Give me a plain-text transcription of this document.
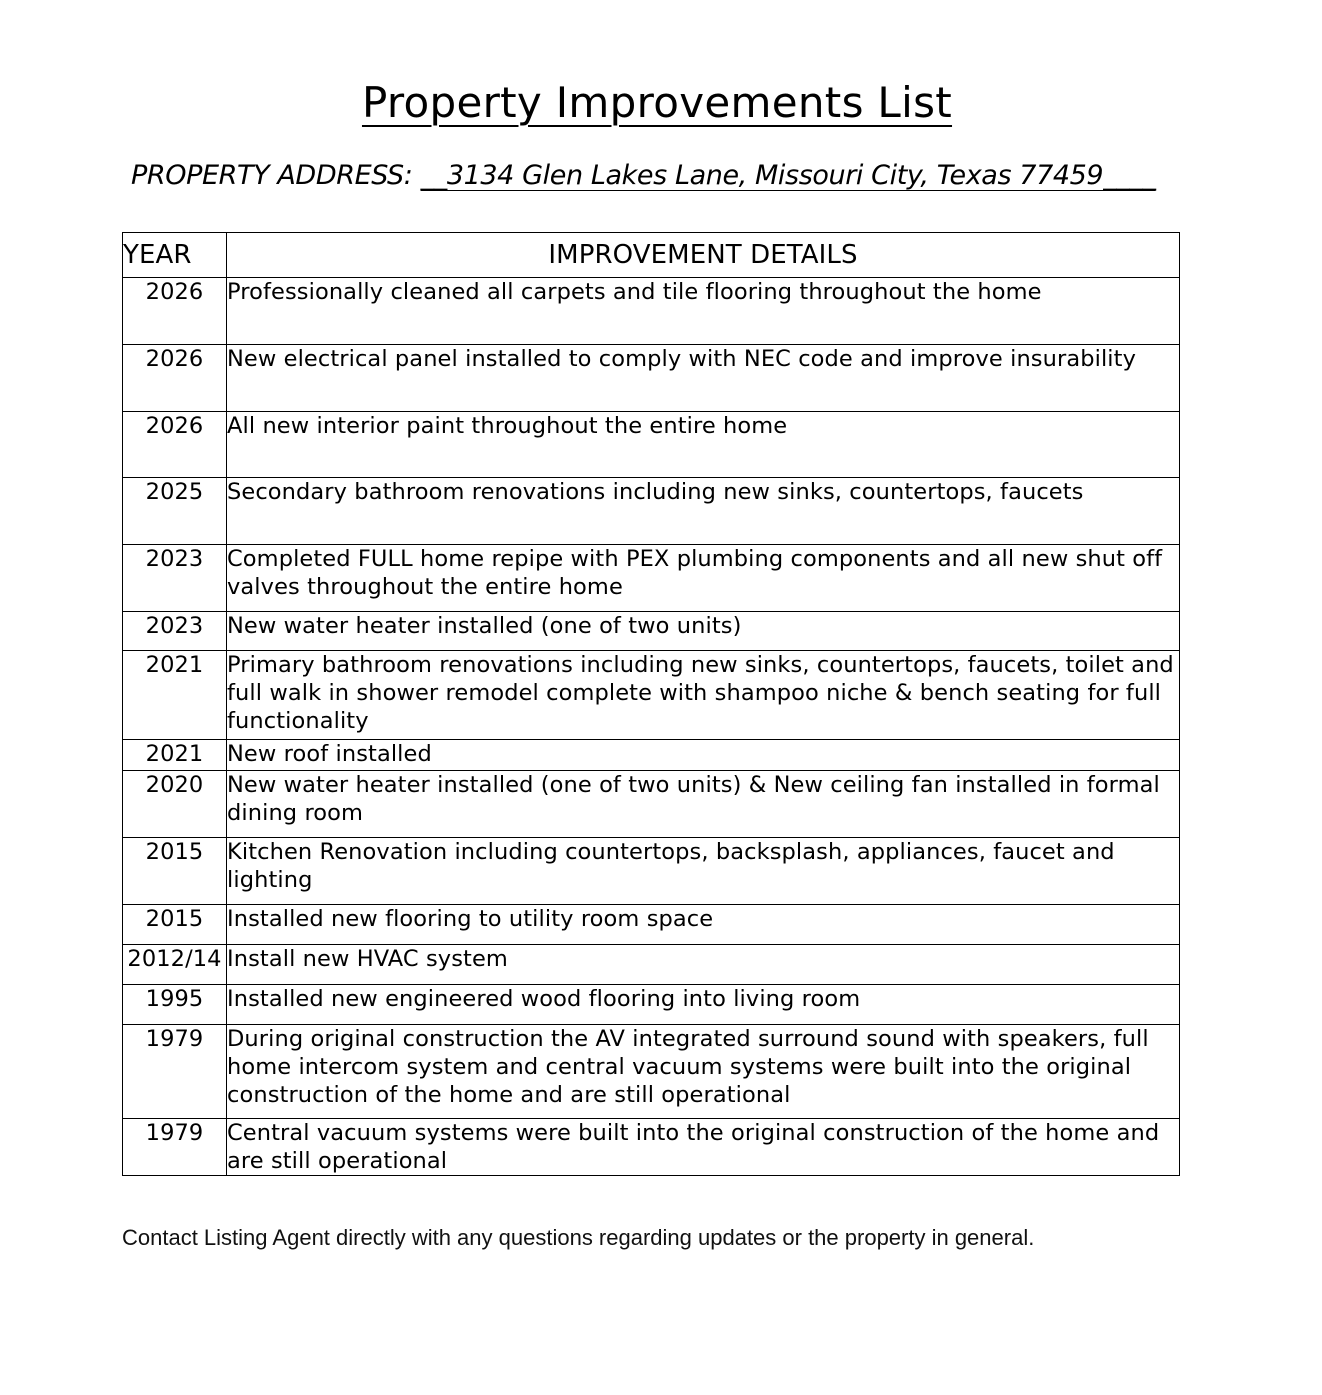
Property Improvements List
PROPERTY ADDRESS: __3134 Glen Lakes Lane, Missouri City, Texas 77459____
YEAR	IMPROVEMENT DETAILS
2026	Professionally cleaned all carpets and tile flooring throughout the home
2026	New electrical panel installed to comply with NEC code and improve insurability
2026	All new interior paint throughout the entire home
2025	Secondary bathroom renovations including new sinks, countertops, faucets
2023	Completed FULL home repipe with PEX plumbing components and all new shut off valves throughout the entire home
2023	New water heater installed (one of two units)
2021	Primary bathroom renovations including new sinks, countertops, faucets, toilet and full walk in shower remodel complete with shampoo niche & bench seating for full functionality
2021	New roof installed
2020	New water heater installed (one of two units) & New ceiling fan installed in formal dining room
2015	Kitchen Renovation including countertops, backsplash, appliances, faucet and lighting
2015	Installed new flooring to utility room space
2012/14	Install new HVAC system
1995	Installed new engineered wood flooring into living room
1979	During original construction the AV integrated surround sound with speakers, full home intercom system and central vacuum systems were built into the original construction of the home and are still operational
1979	Central vacuum systems were built into the original construction of the home and are still operational
Contact Listing Agent directly with any questions regarding updates or the property in general.
